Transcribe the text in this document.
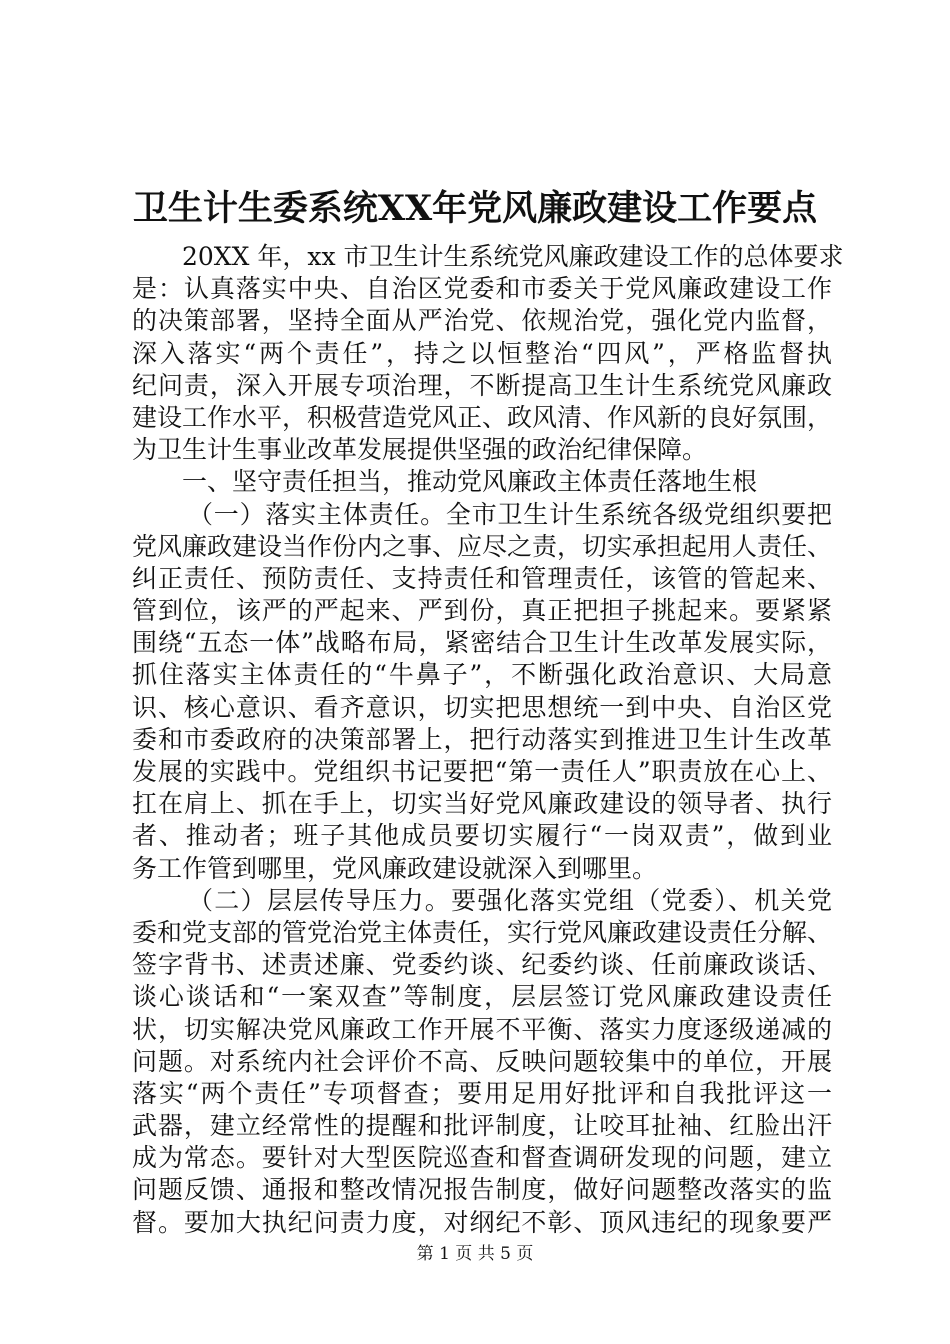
卫生计生委系统XX年党风廉政建设工作要点
20XX 年，xx 市卫生计生系统党风廉政建设工作的总体要求
是：认真落实中央、自治区党委和市委关于党风廉政建设工作
的决策部署，坚持全面从严治党、依规治党，强化党内监督，
深入落实“两个责任”，持之以恒整治“四风”，严格监督执
纪问责，深入开展专项治理，不断提高卫生计生系统党风廉政
建设工作水平，积极营造党风正、政风清、作风新的良好氛围，
为卫生计生事业改革发展提供坚强的政治纪律保障。
一、坚守责任担当，推动党风廉政主体责任落地生根
（一）落实主体责任。全市卫生计生系统各级党组织要把
党风廉政建设当作份内之事、应尽之责，切实承担起用人责任、
纠正责任、预防责任、支持责任和管理责任，该管的管起来、
管到位，该严的严起来、严到份，真正把担子挑起来。要紧紧
围绕“五态一体”战略布局，紧密结合卫生计生改革发展实际，
抓住落实主体责任的“牛鼻子”，不断强化政治意识、大局意
识、核心意识、看齐意识，切实把思想统一到中央、自治区党
委和市委政府的决策部署上，把行动落实到推进卫生计生改革
发展的实践中。党组织书记要把“第一责任人”职责放在心上、
扛在肩上、抓在手上，切实当好党风廉政建设的领导者、执行
者、推动者；班子其他成员要切实履行“一岗双责”，做到业
务工作管到哪里，党风廉政建设就深入到哪里。
（二）层层传导压力。要强化落实党组（党委）、机关党
委和党支部的管党治党主体责任，实行党风廉政建设责任分解、
签字背书、述责述廉、党委约谈、纪委约谈、任前廉政谈话、
谈心谈话和“一案双查”等制度，层层签订党风廉政建设责任
状，切实解决党风廉政工作开展不平衡、落实力度逐级递减的
问题。对系统内社会评价不高、反映问题较集中的单位，开展
落实“两个责任”专项督查；要用足用好批评和自我批评这一
武器，建立经常性的提醒和批评制度，让咬耳扯袖、红脸出汗
成为常态。要针对大型医院巡查和督查调研发现的问题，建立
问题反馈、通报和整改情况报告制度，做好问题整改落实的监
督。要加大执纪问责力度，对纲纪不彰、顶风违纪的现象要严
第 1 页 共 5 页
